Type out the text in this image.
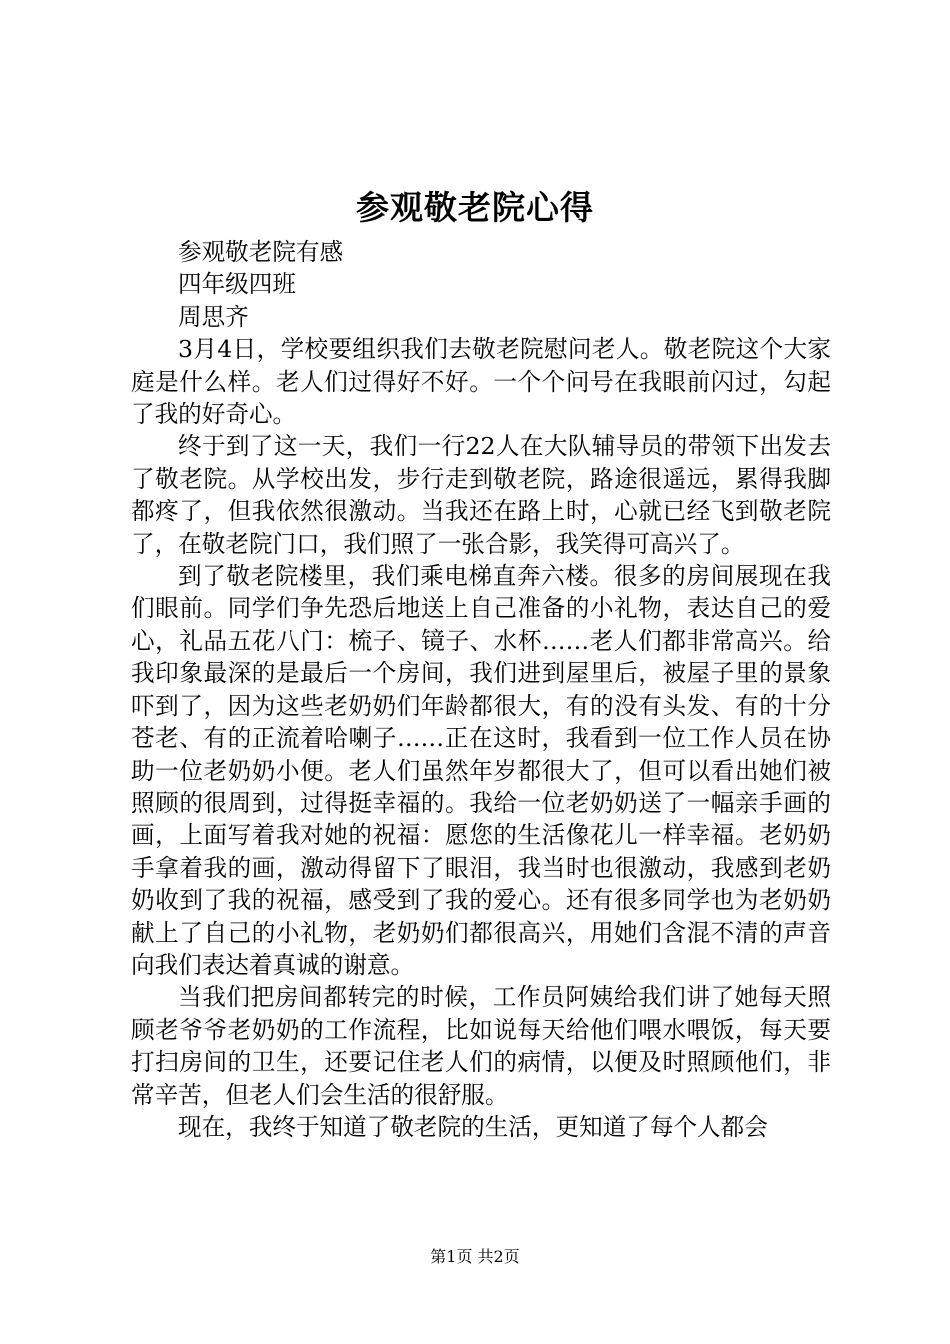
参观敬老院心得

参观敬老院有感

四年级四班

周思齐

3月4日，学校要组织我们去敬老院慰问老人。敬老院这个大家庭是什么样。老人们过得好不好。一个个问号在我眼前闪过，勾起了我的好奇心。

终于到了这一天，我们一行22人在大队辅导员的带领下出发去了敬老院。从学校出发，步行走到敬老院，路途很遥远，累得我脚都疼了，但我依然很激动。当我还在路上时，心就已经飞到敬老院了，在敬老院门口，我们照了一张合影，我笑得可高兴了。

到了敬老院楼里，我们乘电梯直奔六楼。很多的房间展现在我们眼前。同学们争先恐后地送上自己准备的小礼物，表达自己的爱心，礼品五花八门：梳子、镜子、水杯……老人们都非常高兴。给我印象最深的是最后一个房间，我们进到屋里后，被屋子里的景象吓到了，因为这些老奶奶们年龄都很大，有的没有头发、有的十分苍老、有的正流着哈喇子……正在这时，我看到一位工作人员在协助一位老奶奶小便。老人们虽然年岁都很大了，但可以看出她们被照顾的很周到，过得挺幸福的。我给一位老奶奶送了一幅亲手画的画，上面写着我对她的祝福：愿您的生活像花儿一样幸福。老奶奶手拿着我的画，激动得留下了眼泪，我当时也很激动，我感到老奶奶收到了我的祝福，感受到了我的爱心。还有很多同学也为老奶奶献上了自己的小礼物，老奶奶们都很高兴，用她们含混不清的声音向我们表达着真诚的谢意。

当我们把房间都转完的时候，工作员阿姨给我们讲了她每天照顾老爷爷老奶奶的工作流程，比如说每天给他们喂水喂饭，每天要打扫房间的卫生，还要记住老人们的病情，以便及时照顾他们，非常辛苦，但老人们会生活的很舒服。

现在，我终于知道了敬老院的生活，更知道了每个人都会

第1页 共2页
